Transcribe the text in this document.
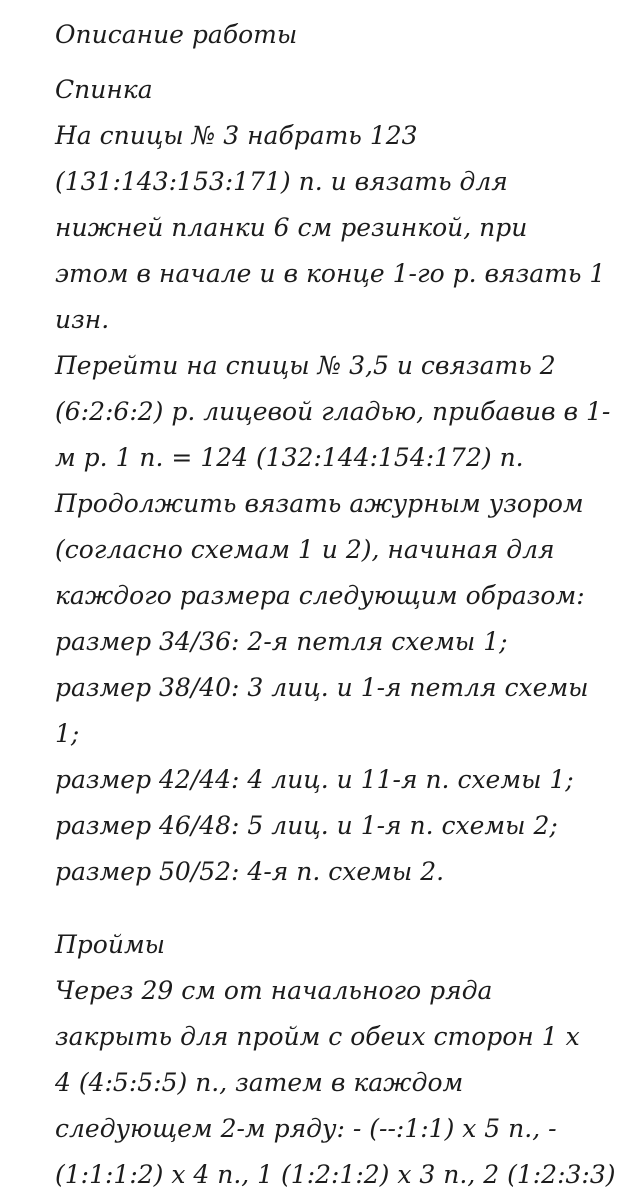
Описание работы
Спинка
На спицы № 3 набрать 123
(131:143:153:171) п. и вязать для
нижней планки 6 см резинкой, при
этом в начале и в конце 1-го р. вязать 1
изн.
Перейти на спицы № 3,5 и связать 2
(6:2:6:2) р. лицевой гладью, прибавив в 1-
м р. 1 п. = 124 (132:144:154:172) п.
Продолжить вязать ажурным узором
(согласно схемам 1 и 2), начиная для
каждого размера следующим образом:
размер 34/36: 2-я петля схемы 1;
размер 38/40: 3 лиц. и 1-я петля схемы
1;
размер 42/44: 4 лиц. и 11-я п. схемы 1;
размер 46/48: 5 лиц. и 1-я п. схемы 2;
размер 50/52: 4-я п. схемы 2.
Проймы
Через 29 см от начального ряда
закрыть для пройм с обеих сторон 1 х
4 (4:5:5:5) п., затем в каждом
следующем 2-м ряду: - (--:1:1) х 5 п., -
(1:1:1:2) х 4 п., 1 (1:2:1:2) х 3 п., 2 (1:2:3:3)
